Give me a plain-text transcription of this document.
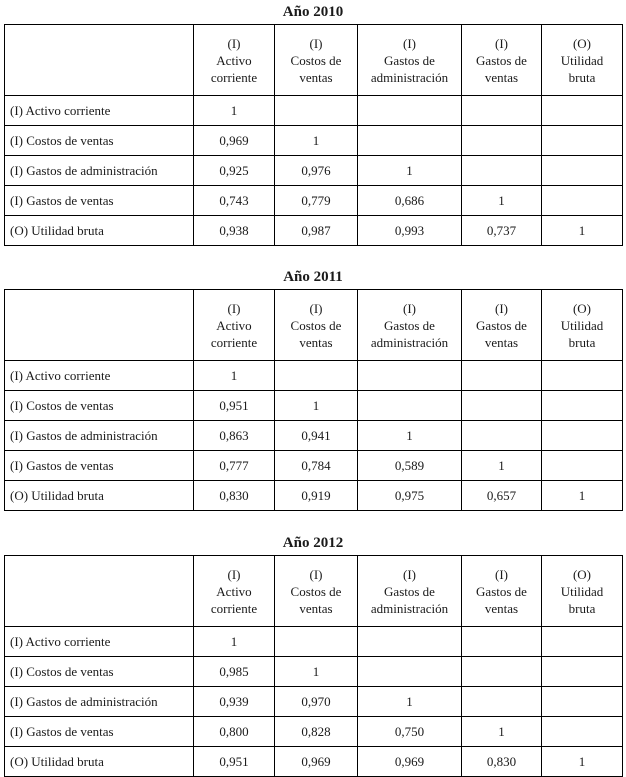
Año 2010

	(I)
Activo
corriente	(I)
Costos de
ventas	(I)
Gastos de
administración	(I)
Gastos de
ventas	(O)
Utilidad
bruta

(I) Activo corriente	1				
(I) Costos de ventas	0,969	1			
(I) Gastos de administración	0,925	0,976	1		
(I) Gastos de ventas	0,743	0,779	0,686	1	
(O) Utilidad bruta	0,938	0,987	0,993	0,737	1
Año 2011

	(I)
Activo
corriente	(I)
Costos de
ventas	(I)
Gastos de
administración	(I)
Gastos de
ventas	(O)
Utilidad
bruta

(I) Activo corriente	1				
(I) Costos de ventas	0,951	1			
(I) Gastos de administración	0,863	0,941	1		
(I) Gastos de ventas	0,777	0,784	0,589	1	
(O) Utilidad bruta	0,830	0,919	0,975	0,657	1
Año 2012

	(I)
Activo
corriente	(I)
Costos de
ventas	(I)
Gastos de
administración	(I)
Gastos de
ventas	(O)
Utilidad
bruta

(I) Activo corriente	1				
(I) Costos de ventas	0,985	1			
(I) Gastos de administración	0,939	0,970	1		
(I) Gastos de ventas	0,800	0,828	0,750	1	
(O) Utilidad bruta	0,951	0,969	0,969	0,830	1
